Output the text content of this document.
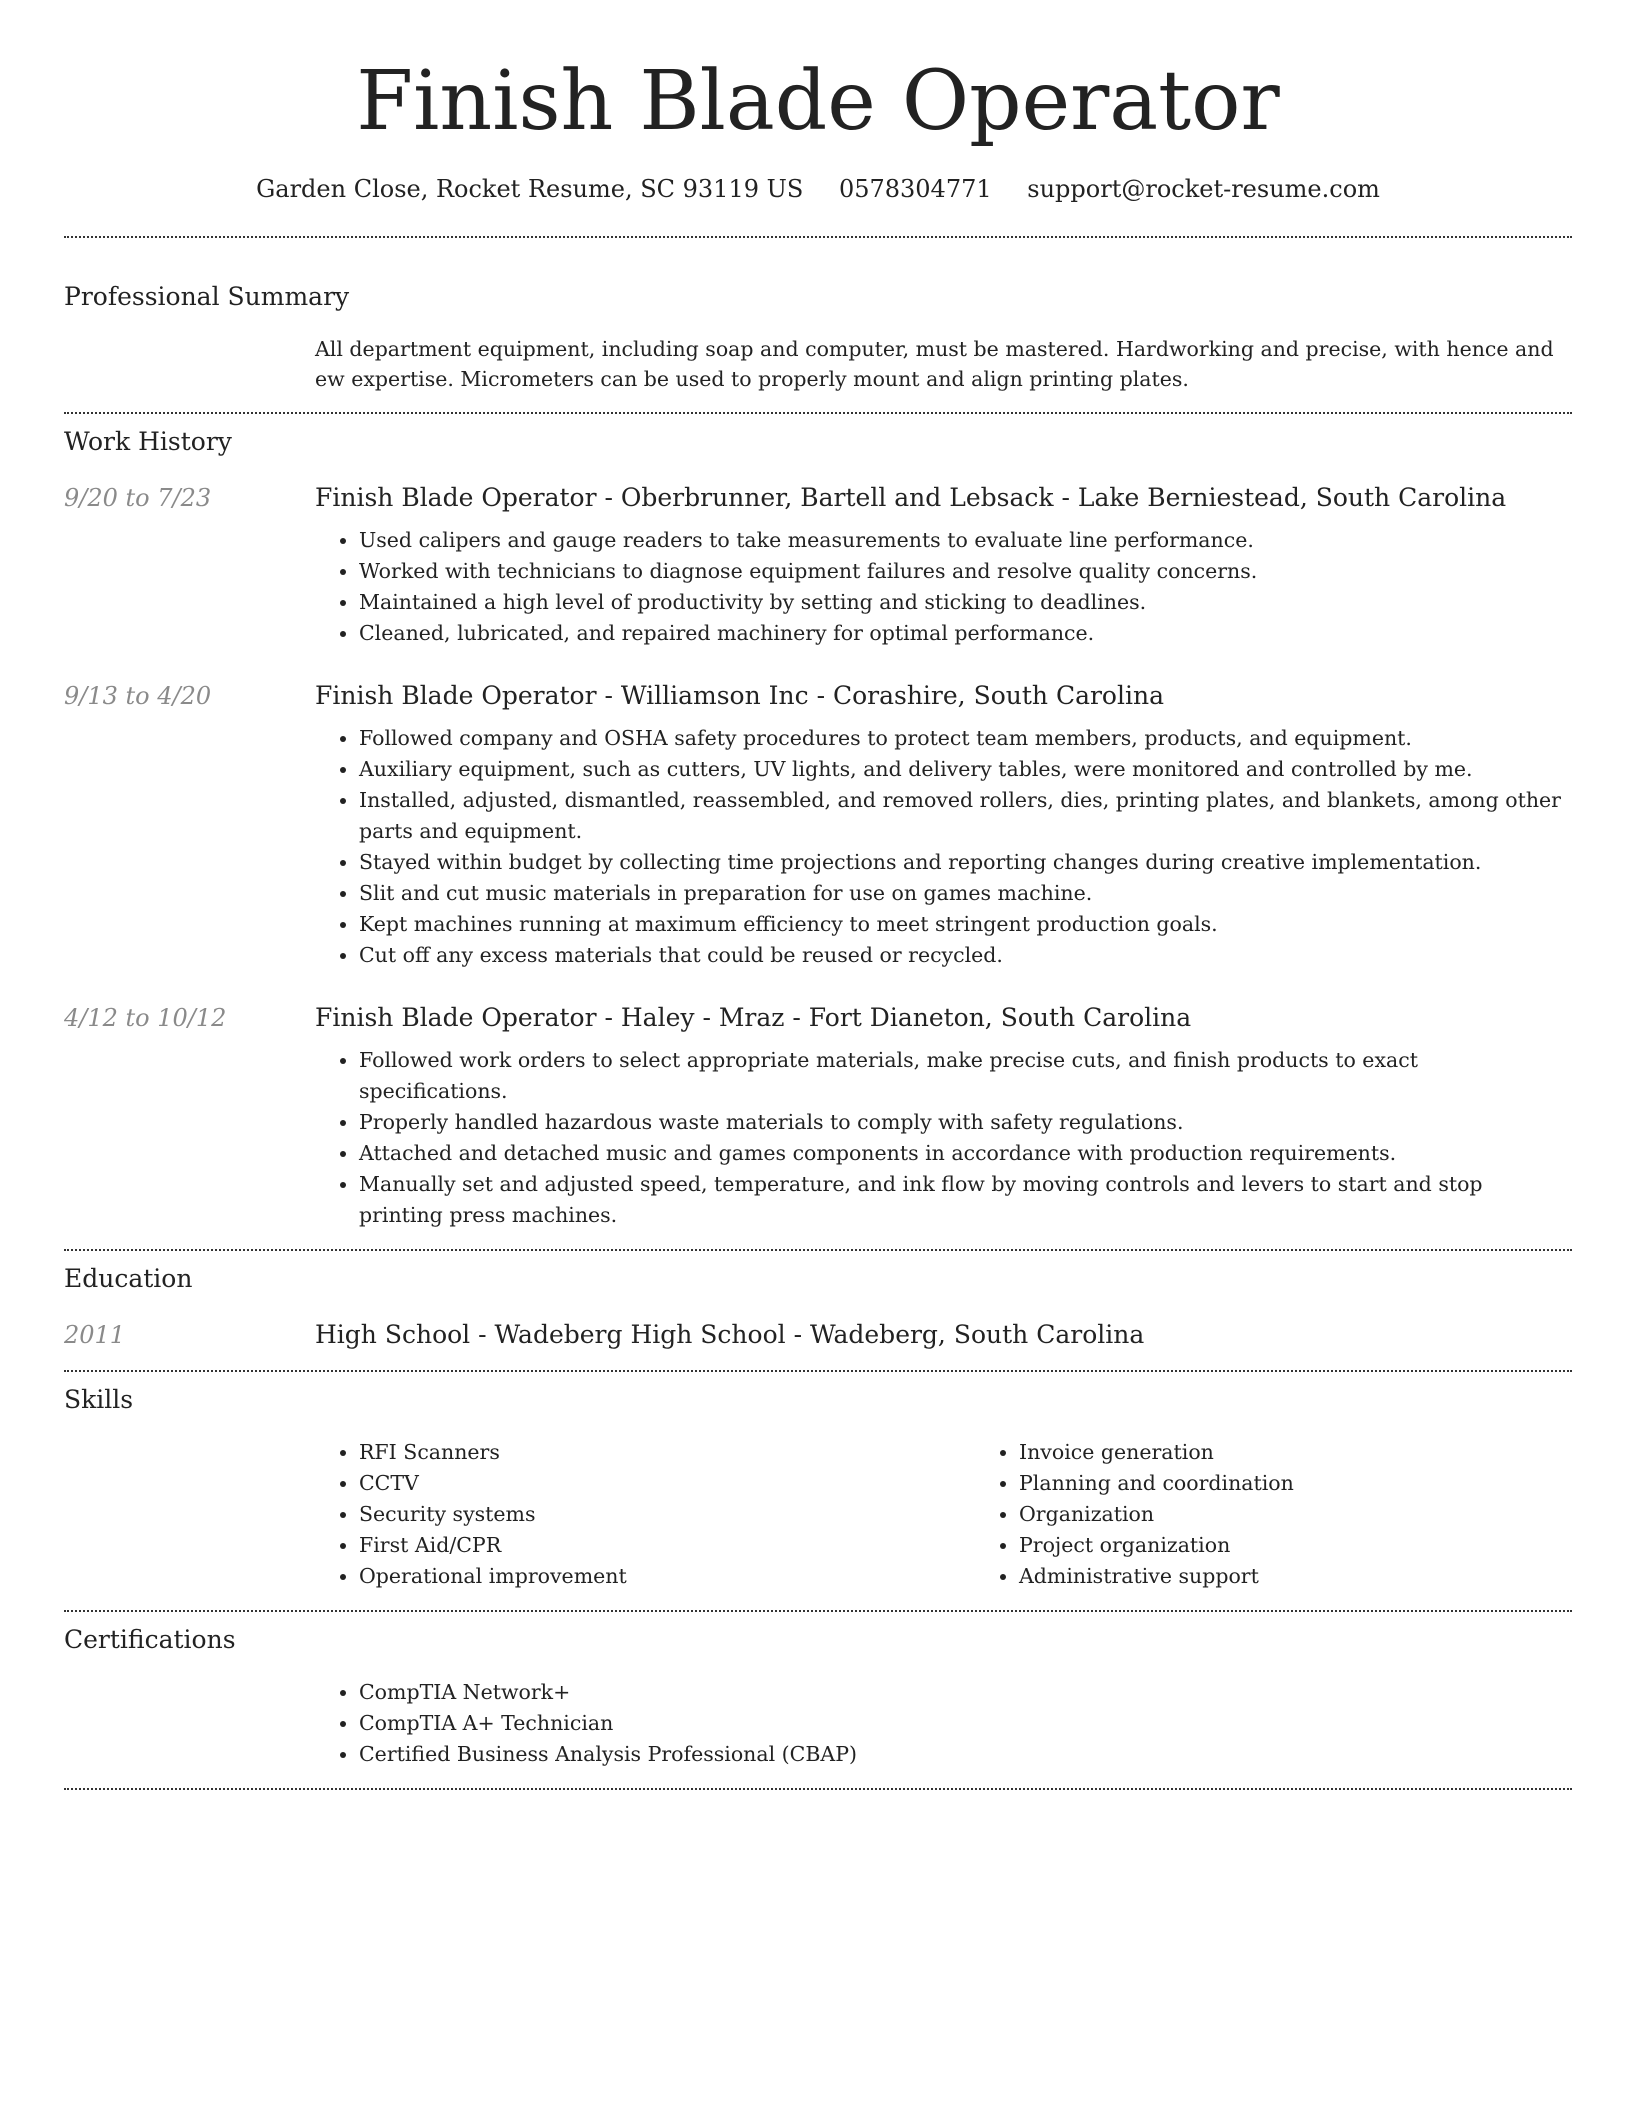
Finish Blade Operator
Garden Close, Rocket Resume, SC 93119 US 0578304771 support@rocket-resume.com
Professional Summary
All department equipment, including soap and computer, must be mastered. Hardworking and precise, with hence and ew expertise. Micrometers can be used to properly mount and align printing plates.
Work History
9/20 to 7/23	Finish Blade Operator - Oberbrunner, Bartell and Lebsack - Lake Berniestead, South Carolina
• Used calipers and gauge readers to take measurements to evaluate line performance.
• Worked with technicians to diagnose equipment failures and resolve quality concerns.
• Maintained a high level of productivity by setting and sticking to deadlines.
• Cleaned, lubricated, and repaired machinery for optimal performance.
9/13 to 4/20	Finish Blade Operator - Williamson Inc - Corashire, South Carolina
• Followed company and OSHA safety procedures to protect team members, products, and equipment.
• Auxiliary equipment, such as cutters, UV lights, and delivery tables, were monitored and controlled by me.
• Installed, adjusted, dismantled, reassembled, and removed rollers, dies, printing plates, and blankets, among other parts and equipment.
• Stayed within budget by collecting time projections and reporting changes during creative implementation.
• Slit and cut music materials in preparation for use on games machine.
• Kept machines running at maximum efficiency to meet stringent production goals.
• Cut off any excess materials that could be reused or recycled.
4/12 to 10/12	Finish Blade Operator - Haley - Mraz - Fort Dianeton, South Carolina
• Followed work orders to select appropriate materials, make precise cuts, and finish products to exact specifications.
• Properly handled hazardous waste materials to comply with safety regulations.
• Attached and detached music and games components in accordance with production requirements.
• Manually set and adjusted speed, temperature, and ink flow by moving controls and levers to start and stop printing press machines.
Education
2011	High School - Wadeberg High School - Wadeberg, South Carolina
Skills
• RFI Scanners
• CCTV
• Security systems
• First Aid/CPR
• Operational improvement
• Invoice generation
• Planning and coordination
• Organization
• Project organization
• Administrative support
Certifications
• CompTIA Network+
• CompTIA A+ Technician
• Certified Business Analysis Professional (CBAP)
